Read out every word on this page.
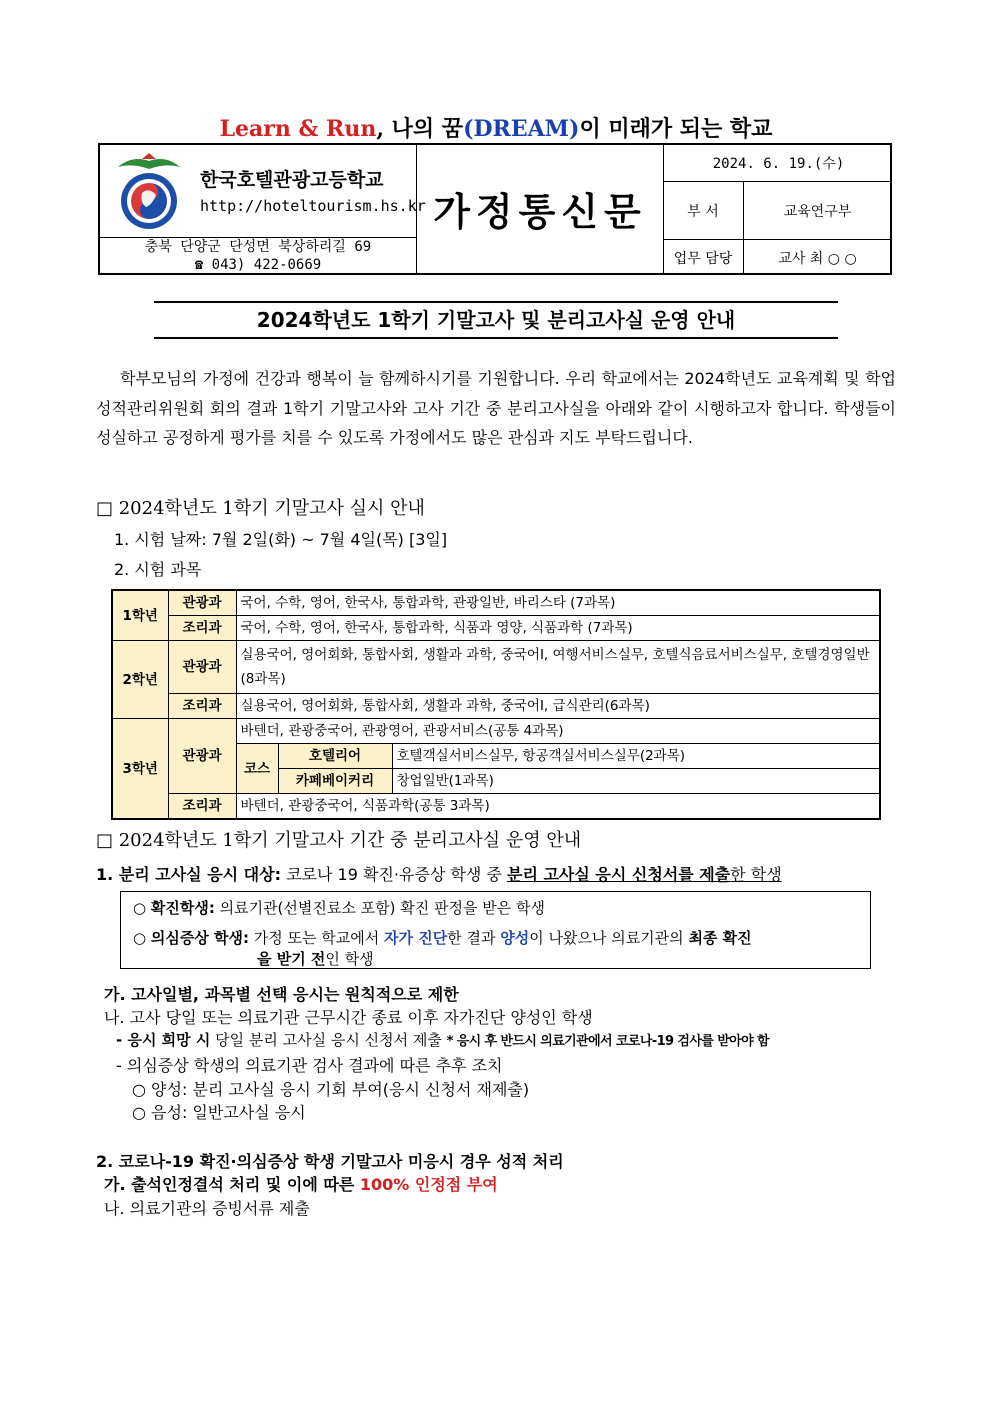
Learn & Run, 나의 꿈(DREAM)이 미래가 되는 학교
한국호텔관광고등학교
http://hoteltourism.hs.kr
충북 단양군 단성면 북상하리길 69
☎ 043) 422-0669
가정통신문
2024. 6. 19.(수)
부 서	교육연구부
업무 담당	교사 최 ○ ○
2024학년도 1학기 기말고사 및 분리고사실 운영 안내
학부모님의 가정에 건강과 행복이 늘 함께하시기를 기원합니다. 우리 학교에서는 2024학년도 교육계획 및 학업성적관리위원회 회의 결과 1학기 기말고사와 고사 기간 중 분리고사실을 아래와 같이 시행하고자 합니다. 학생들이 성실하고 공정하게 평가를 치를 수 있도록 가정에서도 많은 관심과 지도 부탁드립니다.
□ 2024학년도 1학기 기말고사 실시 안내
1. 시험 날짜: 7월 2일(화) ~ 7월 4일(목) [3일]
2. 시험 과목
1학년	관광과	국어, 수학, 영어, 한국사, 통합과학, 관광일반, 바리스타 (7과목)		
	조리과	국어, 수학, 영어, 한국사, 통합과학, 식품과 영양, 식품과학 (7과목)		
2학년	관광과	실용국어, 영어회화, 통합사회, 생활과 과학, 중국어Ⅰ, 여행서비스실무, 호텔식음료서비스실무, 호텔경영일반 (8과목)		
	조리과	실용국어, 영어회화, 통합사회, 생활과 과학, 중국어Ⅰ, 급식관리(6과목)		
3학년	관광과	바텐더, 관광중국어, 관광영어, 관광서비스(공통 4과목)		
		코스	호텔리어	호텔객실서비스실무, 항공객실서비스실무(2과목)
			카페베이커리	창업일반(1과목)
	조리과	바텐더, 관광중국어, 식품과학(공통 3과목)		
□ 2024학년도 1학기 기말고사 기간 중 분리고사실 운영 안내
1. 분리 고사실 응시 대상: 코로나 19 확진·유증상 학생 중 분리 고사실 응시 신청서를 제출한 학생
○ 확진학생: 의료기관(선별진료소 포함) 확진 판정을 받은 학생
○ 의심증상 학생: 가정 또는 학교에서 자가 진단한 결과 양성이 나왔으나 의료기관의 최종 확진
을 받기 전인 학생
가. 고사일별, 과목별 선택 응시는 원칙적으로 제한
나. 고사 당일 또는 의료기관 근무시간 종료 이후 자가진단 양성인 학생
- 응시 희망 시 당일 분리 고사실 응시 신청서 제출 * 응시 후 반드시 의료기관에서 코로나-19 검사를 받아야 함
- 의심증상 학생의 의료기관 검사 결과에 따른 추후 조치
○ 양성: 분리 고사실 응시 기회 부여(응시 신청서 재제출)
○ 음성: 일반고사실 응시
2. 코로나-19 확진·의심증상 학생 기말고사 미응시 경우 성적 처리
가. 출석인정결석 처리 및 이에 따른 100% 인정점 부여
나. 의료기관의 증빙서류 제출
